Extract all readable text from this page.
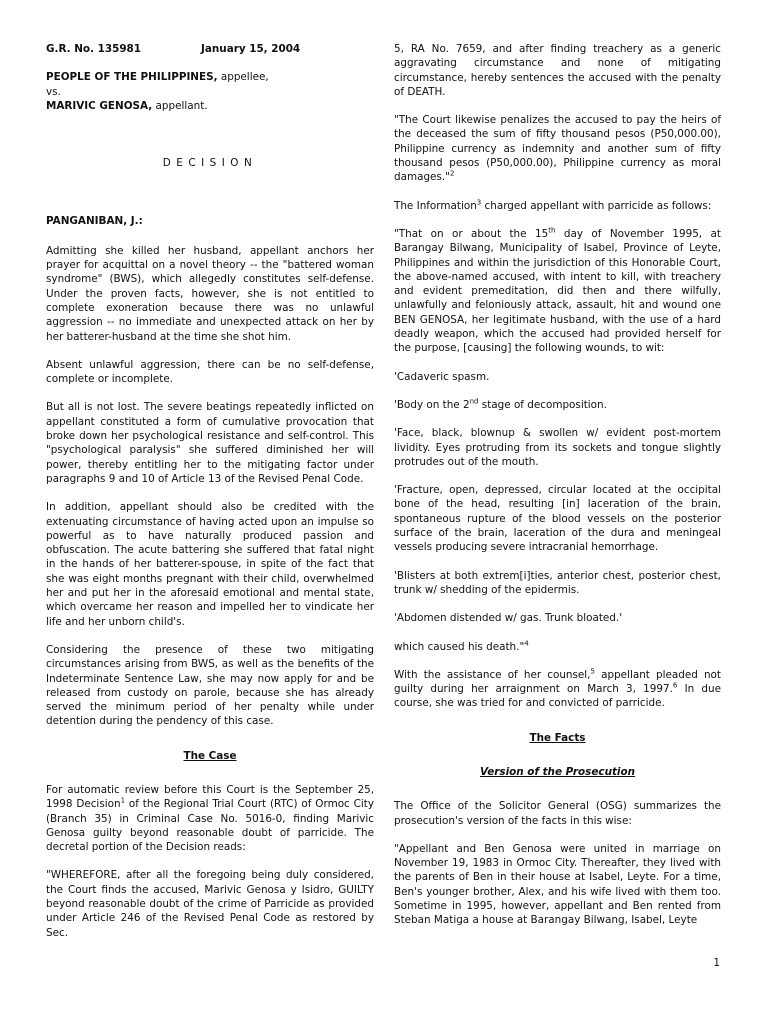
G.R. No. 135981	January 15, 2004

PEOPLE OF THE PHILIPPINES, appellee,

vs.

MARIVIC GENOSA, appellant.

DECISION

PANGANIBAN, J.:

Admitting she killed her husband, appellant anchors her prayer for acquittal on a novel theory -- the "battered woman syndrome" (BWS), which allegedly constitutes self-defense. Under the proven facts, however, she is not entitled to complete exoneration because there was no unlawful aggression -- no immediate and unexpected attack on her by her batterer-husband at the time she shot him.

Absent unlawful aggression, there can be no self-defense, complete or incomplete.

But all is not lost. The severe beatings repeatedly inflicted on appellant constituted a form of cumulative provocation that broke down her psychological resistance and self-control. This "psychological paralysis" she suffered diminished her will power, thereby entitling her to the mitigating factor under paragraphs 9 and 10 of Article 13 of the Revised Penal Code.

In addition, appellant should also be credited with the extenuating circumstance of having acted upon an impulse so powerful as to have naturally produced passion and obfuscation. The acute battering she suffered that fatal night in the hands of her batterer-spouse, in spite of the fact that she was eight months pregnant with their child, overwhelmed her and put her in the aforesaid emotional and mental state, which overcame her reason and impelled her to vindicate her life and her unborn child's.

Considering the presence of these two mitigating circumstances arising from BWS, as well as the benefits of the Indeterminate Sentence Law, she may now apply for and be released from custody on parole, because she has already served the minimum period of her penalty while under detention during the pendency of this case.

The Case

For automatic review before this Court is the September 25, 1998 Decision$^1$ of the Regional Trial Court (RTC) of Ormoc City (Branch 35) in Criminal Case No. 5016-0, finding Marivic Genosa guilty beyond reasonable doubt of parricide. The decretal portion of the Decision reads:

"WHEREFORE, after all the foregoing being duly considered, the Court finds the accused, Marivic Genosa y Isidro, GUILTY beyond reasonable doubt of the crime of Parricide as provided under Article 246 of the Revised Penal Code as restored by Sec.

5, RA No. 7659, and after finding treachery as a generic aggravating circumstance and none of mitigating circumstance, hereby sentences the accused with the penalty of DEATH.

"The Court likewise penalizes the accused to pay the heirs of the deceased the sum of fifty thousand pesos (P50,000.00), Philippine currency as indemnity and another sum of fifty thousand pesos (P50,000.00), Philippine currency as moral damages."$^2$

The Information$^3$ charged appellant with parricide as follows:

"That on or about the 15th day of November 1995, at Barangay Bilwang, Municipality of Isabel, Province of Leyte, Philippines and within the jurisdiction of this Honorable Court, the above-named accused, with intent to kill, with treachery and evident premeditation, did then and there wilfully, unlawfully and feloniously attack, assault, hit and wound one BEN GENOSA, her legitimate husband, with the use of a hard deadly weapon, which the accused had provided herself for the purpose, [causing] the following wounds, to wit:

'Cadaveric spasm.

'Body on the 2nd stage of decomposition.

'Face, black, blownup & swollen w/ evident post-mortem lividity. Eyes protruding from its sockets and tongue slightly protrudes out of the mouth.

'Fracture, open, depressed, circular located at the occipital bone of the head, resulting [in] laceration of the brain, spontaneous rupture of the blood vessels on the posterior surface of the brain, laceration of the dura and meningeal vessels producing severe intracranial hemorrhage.

'Blisters at both extrem[i]ties, anterior chest, posterior chest, trunk w/ shedding of the epidermis.

'Abdomen distended w/ gas. Trunk bloated.'

which caused his death."$^4$

With the assistance of her counsel,$^5$ appellant pleaded not guilty during her arraignment on March 3, 1997.$^6$ In due course, she was tried for and convicted of parricide.

The Facts

Version of the Prosecution

The Office of the Solicitor General (OSG) summarizes the prosecution's version of the facts in this wise:

"Appellant and Ben Genosa were united in marriage on November 19, 1983 in Ormoc City. Thereafter, they lived with the parents of Ben in their house at Isabel, Leyte. For a time, Ben's younger brother, Alex, and his wife lived with them too. Sometime in 1995, however, appellant and Ben rented from Steban Matiga a house at Barangay Bilwang, Isabel, Leyte

1
